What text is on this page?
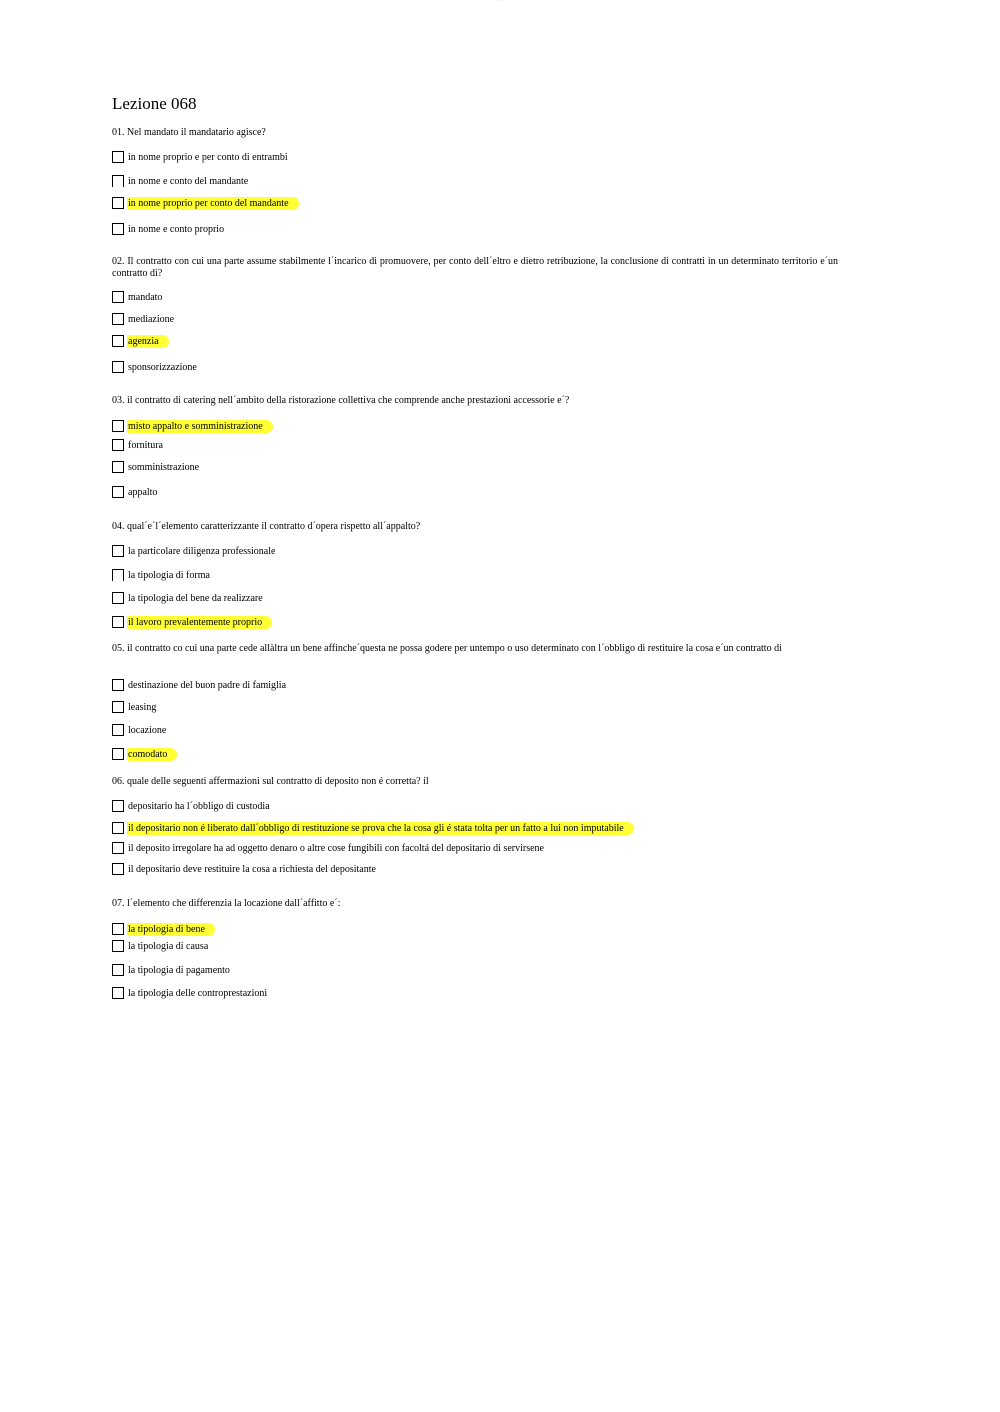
---
Lezione 068

01. Nel mandato il mandatario agisce?

in nome proprio e per conto di entrambi
in nome e conto del mandante
in nome proprio per conto del mandante
in nome e conto proprio

02. Il contratto con cui una parte assume stabilmente l´incarico di promuovere, per conto dell´eltro e dietro retribuzione, la conclusione di contratti in un determinato territorio e´un contratto di?

mandato
mediazione
agenzia
sponsorizzazione

03. il contratto di catering nell´ambito della ristorazione collettiva che comprende anche prestazioni accessorie e´?

misto appalto e somministrazione
fornitura
somministrazione
appalto

04. qual´e´l´elemento caratterizzante il contratto d´opera rispetto all´appalto?

la particolare diligenza professionale
la tipologia di forma
la tipologia del bene da realizzare
il lavoro prevalentemente proprio

05. il contratto co cui una parte cede allàltra un bene affinche´questa ne possa godere per untempo o uso determinato con l´obbligo di restituire la cosa e´un contratto di

destinazione del buon padre di famiglia
leasing
locazione
comodato

06. quale delle seguenti affermazioni sul contratto di deposito non é corretta? il

depositario ha l´obbligo di custodia
il depositario non é liberato dall´obbligo di restituzione se prova che la cosa gli é stata tolta per un fatto a lui non imputabile
il deposito irregolare ha ad oggetto denaro o altre cose fungibili con facoltá del depositario di servirsene
il depositario deve restituire la cosa a richiesta del depositante

07. l´elemento che differenzia la locazione dall´affitto e´:

la tipologia di bene
la tipologia di causa
la tipologia di pagamento
la tipologia delle controprestazioni
